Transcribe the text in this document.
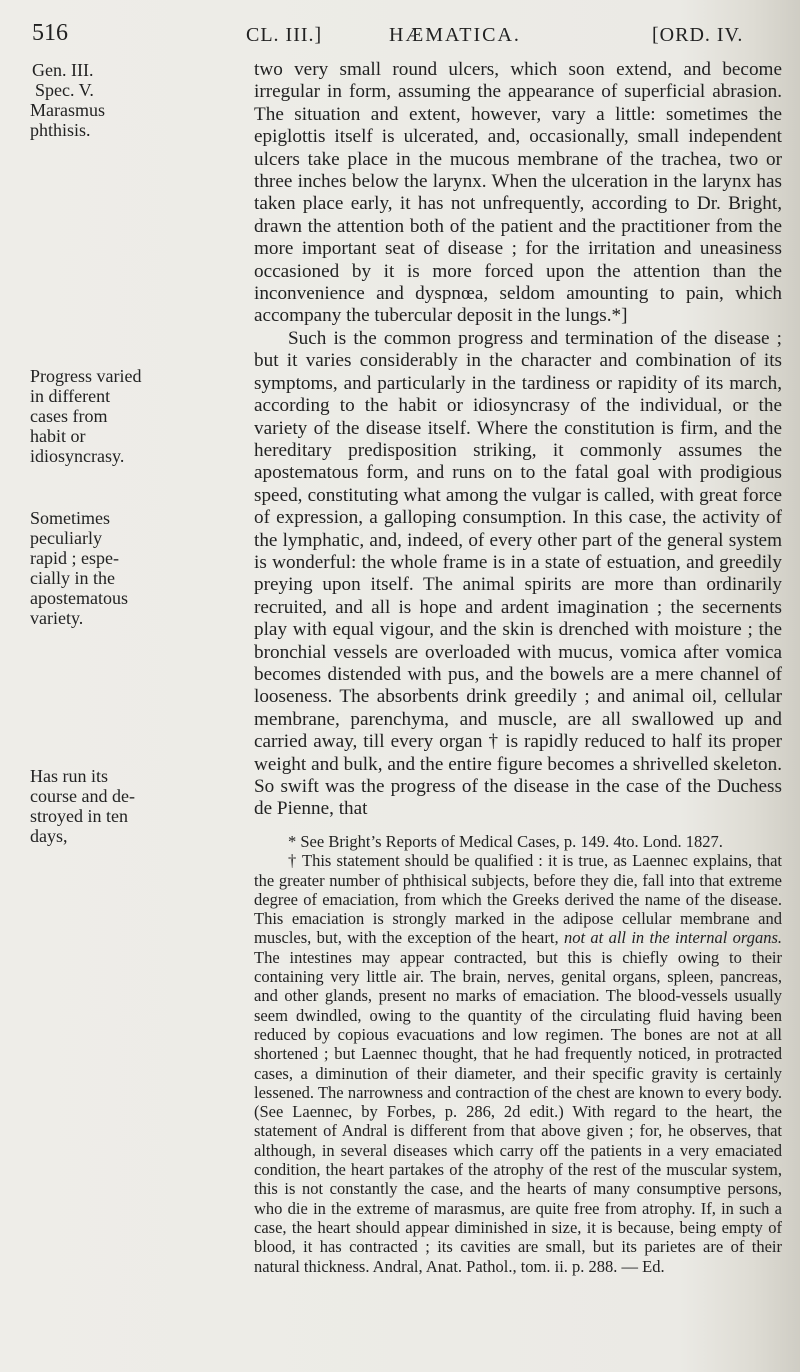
516	CL. III.]	HÆMATICA.	[ORD. IV.
Gen. III.
Spec. V.
Marasmus
phthisis.
Progress varied
in different
cases from
habit or
idiosyncrasy.
Sometimes
peculiarly
rapid ; espe-
cially in the
apostematous
variety.
Has run its
course and de-
stroyed in ten
days,

two very small round ulcers, which soon extend, and become irregular in form, assuming the appearance of superficial abrasion. The situation and extent, however, vary a little: sometimes the epiglottis itself is ulcerated, and, occasionally, small independent ulcers take place in the mucous membrane of the trachea, two or three inches below the larynx. When the ulceration in the larynx has taken place early, it has not unfrequently, according to Dr. Bright, drawn the attention both of the patient and the practitioner from the more important seat of disease ; for the irritation and uneasiness occasioned by it is more forced upon the attention than the inconvenience and dyspnœa, seldom amounting to pain, which accompany the tubercular deposit in the lungs.*]

Such is the common progress and termination of the disease ; but it varies considerably in the character and combination of its symptoms, and particularly in the tardiness or rapidity of its march, according to the habit or idiosyncrasy of the individual, or the variety of the disease itself. Where the constitution is firm, and the hereditary predisposition striking, it commonly assumes the apostematous form, and runs on to the fatal goal with prodigious speed, constituting what among the vulgar is called, with great force of expression, a galloping consumption. In this case, the activity of the lymphatic, and, indeed, of every other part of the general system is wonderful: the whole frame is in a state of estuation, and greedily preying upon itself. The animal spirits are more than ordinarily recruited, and all is hope and ardent imagination ; the secernents play with equal vigour, and the skin is drenched with moisture ; the bronchial vessels are overloaded with mucus, vomica after vomica becomes distended with pus, and the bowels are a mere channel of looseness. The absorbents drink greedily ; and animal oil, cellular membrane, parenchyma, and muscle, are all swallowed up and carried away, till every organ † is rapidly reduced to half its proper weight and bulk, and the entire figure becomes a shrivelled skeleton. So swift was the progress of the disease in the case of the Duchess de Pienne, that

* See Bright’s Reports of Medical Cases, p. 149. 4to. Lond. 1827.

† This statement should be qualified : it is true, as Laennec explains, that the greater number of phthisical subjects, before they die, fall into that extreme degree of emaciation, from which the Greeks derived the name of the disease. This emaciation is strongly marked in the adipose cellular membrane and muscles, but, with the exception of the heart, not at all in the internal organs. The intestines may appear contracted, but this is chiefly owing to their containing very little air. The brain, nerves, genital organs, spleen, pancreas, and other glands, present no marks of emaciation. The blood-vessels usually seem dwindled, owing to the quantity of the circulating fluid having been reduced by copious evacuations and low regimen. The bones are not at all shortened ; but Laennec thought, that he had frequently noticed, in protracted cases, a diminution of their diameter, and their specific gravity is certainly lessened. The narrowness and contraction of the chest are known to every body. (See Laennec, by Forbes, p. 286, 2d edit.) With regard to the heart, the statement of Andral is different from that above given ; for, he observes, that although, in several diseases which carry off the patients in a very emaciated condition, the heart partakes of the atrophy of the rest of the muscular system, this is not constantly the case, and the hearts of many consumptive persons, who die in the extreme of marasmus, are quite free from atrophy. If, in such a case, the heart should appear diminished in size, it is because, being empty of blood, it has contracted ; its cavities are small, but its parietes are of their natural thickness. Andral, Anat. Pathol., tom. ii. p. 288. — Ed.
